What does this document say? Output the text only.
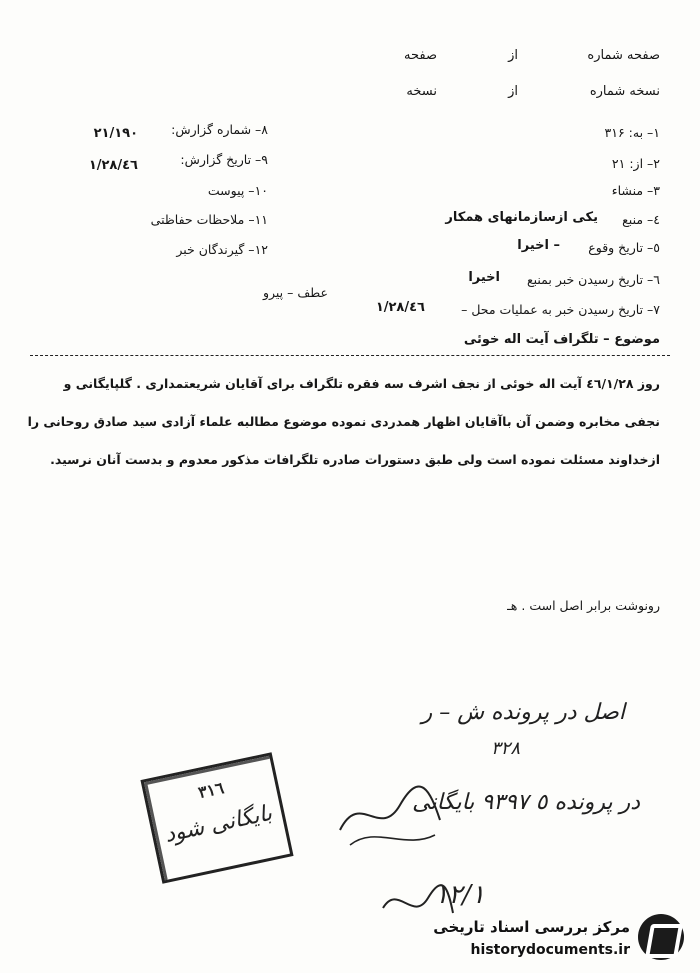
صفحه شماره
از
صفحه
نسخه شماره
از
نسخه
۱– به: ۳۱۶
۲– از: ۲۱
۳– منشاء
٤– منبع
یکی ازسازمانهای همکار
٥– تاریخ وقوع
– اخیرا
٦– تاریخ رسیدن خبر بمنبع
اخیرا
۷– تاریخ رسیدن خبر به عملیات محل –
٤٦/۱/۲۸
۸– شماره گزارش:
۲۱/۱۹۰
۹– تاریخ گزارش:
٤٦/۱/۲۸
۱۰– پیوست
۱۱– ملاحظات حفاظتی
۱۲– گیرندگان خبر
عطف – پیرو
موضوع – تلگراف آیت اله خوئی
روز ٤٦/۱/۲۸ آیت اله خوئی از نجف اشرف سه فقره تلگراف برای آقایان شریعتمداری . گلپایگانی و
نجفی مخابره وضمن آن باآقایان اظهار همدردی نموده موضوع مطالبه علماء آزادی سید صادق روحانی را
ازخداوند مسئلت نموده است ولی طبق دستورات صادره تلگرافات مذکور معدوم و بدست آنان نرسید.
رونوشت برابر اصل است . هـ
اصل در پرونده ش – ر
۳۲۸
در پرونده ٥ ۹۳۹۷ بایگانی
۱۲/۱
۳۱٦
بایگانی شود
مرکز بررسی اسناد تاریخی
historydocuments.ir
